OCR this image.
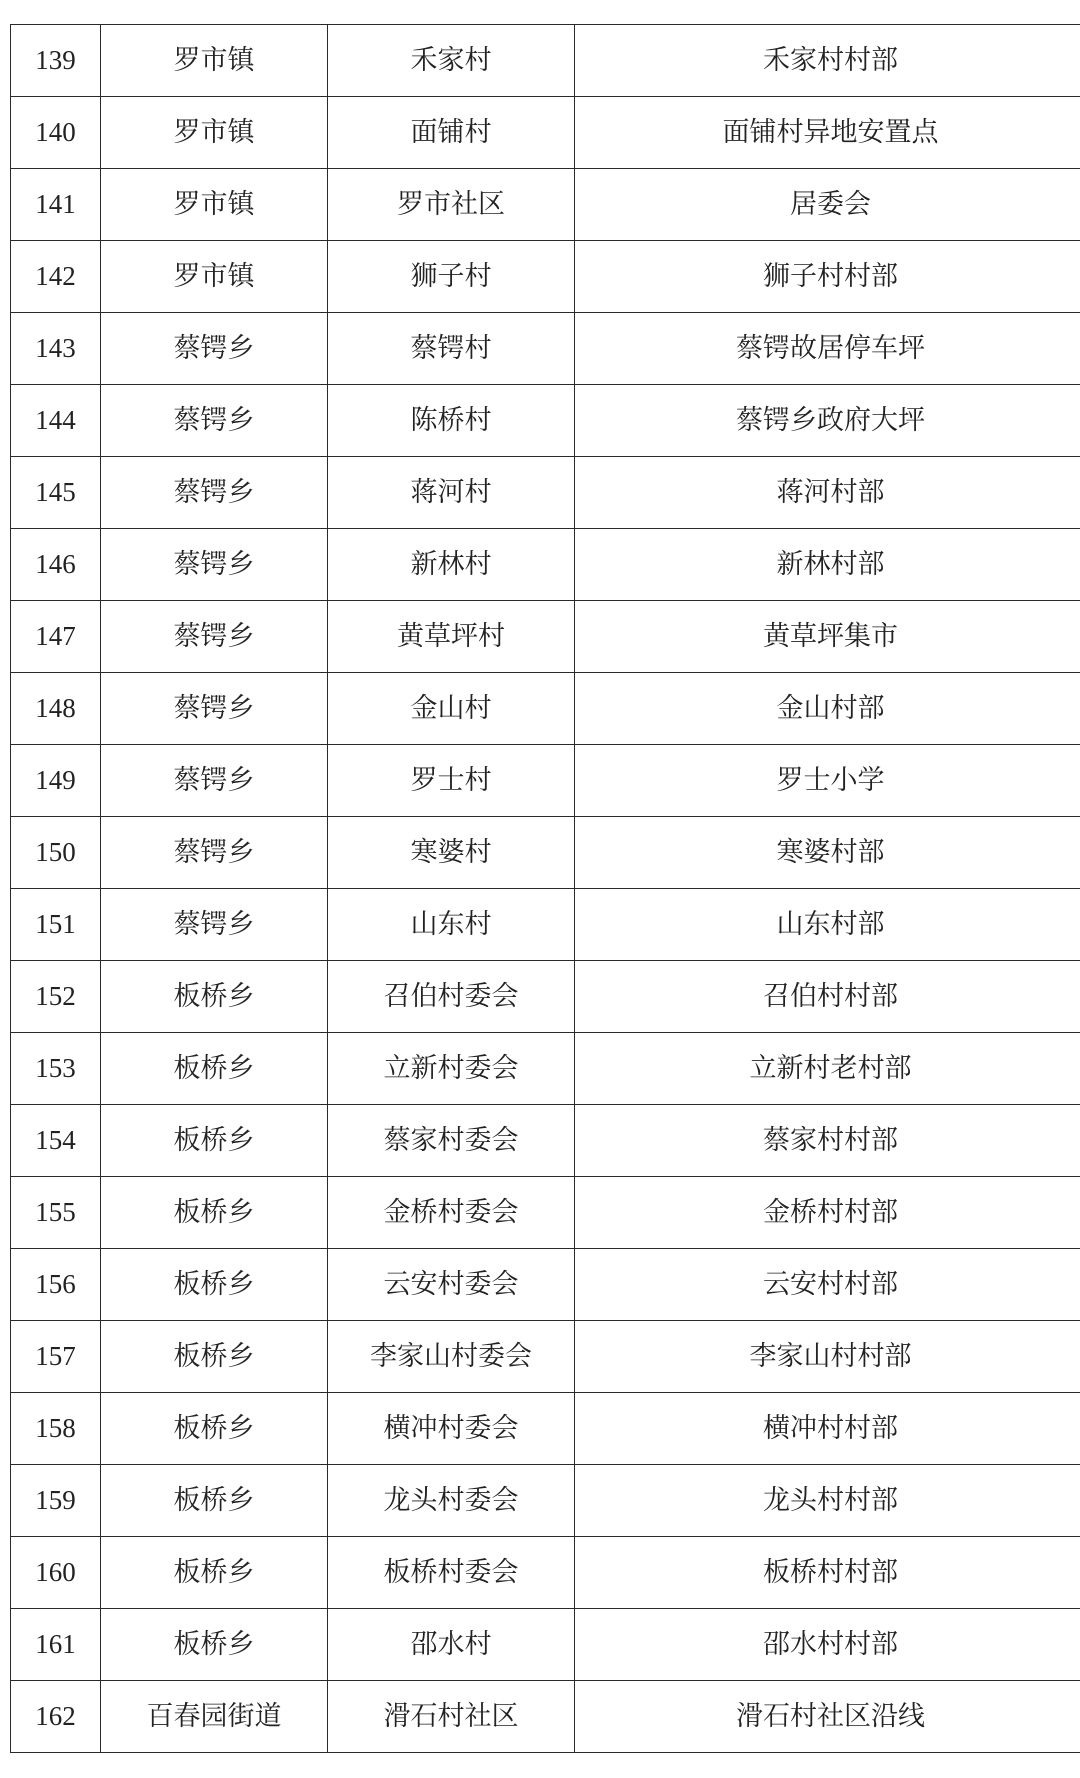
139	罗市镇	禾家村	禾家村村部
140	罗市镇	面铺村	面铺村异地安置点
141	罗市镇	罗市社区	居委会
142	罗市镇	狮子村	狮子村村部
143	蔡锷乡	蔡锷村	蔡锷故居停车坪
144	蔡锷乡	陈桥村	蔡锷乡政府大坪
145	蔡锷乡	蒋河村	蒋河村部
146	蔡锷乡	新林村	新林村部
147	蔡锷乡	黄草坪村	黄草坪集市
148	蔡锷乡	金山村	金山村部
149	蔡锷乡	罗士村	罗士小学
150	蔡锷乡	寒婆村	寒婆村部
151	蔡锷乡	山东村	山东村部
152	板桥乡	召伯村委会	召伯村村部
153	板桥乡	立新村委会	立新村老村部
154	板桥乡	蔡家村委会	蔡家村村部
155	板桥乡	金桥村委会	金桥村村部
156	板桥乡	云安村委会	云安村村部
157	板桥乡	李家山村委会	李家山村村部
158	板桥乡	横冲村委会	横冲村村部
159	板桥乡	龙头村委会	龙头村村部
160	板桥乡	板桥村委会	板桥村村部
161	板桥乡	邵水村	邵水村村部
162	百春园街道	滑石村社区	滑石村社区沿线
